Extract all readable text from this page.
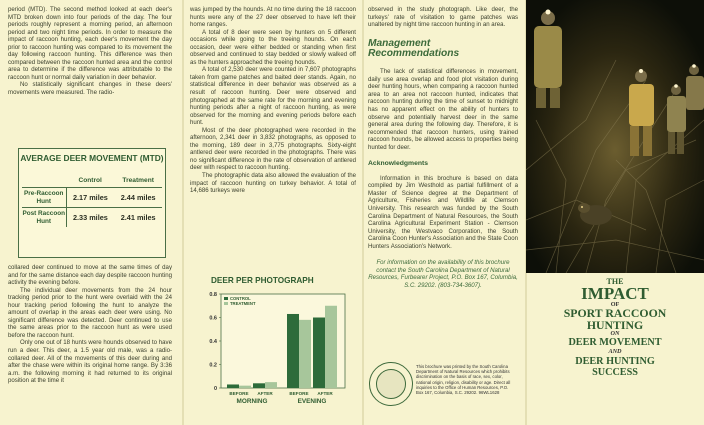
period (MTD). The second method looked at each deer's MTD broken down into four periods of the day. The four periods roughly represent a morning period, an afternoon period and two night time periods. In order to measure the impact of raccoon hunting, each deer's movement the day prior to raccoon hunting was compared to its movement the day following raccoon hunting. This difference was then compared between the raccoon hunted area and the control area to determine if the difference was attributable to the raccoon hunt or normal daily variation in deer behavior.

No statistically significant changes in these deers' movements were measured. The radio-

AVERAGE DEER MOVEMENT (MTD)
	Control	Treatment
Pre-Raccoon Hunt	2.17 miles	2.44 miles
Post Raccoon Hunt	2.33 miles	2.41 miles

collared deer continued to move at the same times of day and for the same distance each day despite raccoon hunting activity the evening before.

The individual deer movements from the 24 hour tracking period prior to the hunt were overlaid with the 24 hour tracking period following the hunt to analyze the amount of overlap in the areas each deer were using. No significant difference was detected. Deer continued to use the same areas prior to the raccoon hunt as were used before the raccoon hunt.

Only one out of 18 hunts were hounds observed to have run a deer. This deer, a 1.5 year old male, was a radio-collared deer. All of the movements of this deer during and after the chase were within its original home range. By 3:36 a.m. the following morning it had returned to its original position at the time it

was jumped by the hounds. At no time during the 18 raccoon hunts were any of the 27 deer observed to have left their home ranges.

A total of 8 deer were seen by hunters on 5 different occasions while going to the treeing hounds. On each occasion, deer were either bedded or standing when first observed and continued to stay bedded or slowly walked off as the hunters approached the treeing hounds.

A total of 2,530 deer were counted in 7,607 photographs taken from game patches and baited deer stands. Again, no statistical difference in deer behavior was observed as a result of raccoon hunting. Deer were observed and photographed at the same rate for the morning and evening hunting periods after a night of raccoon hunting, as were observed for the morning and evening periods before each hunt.

Most of the deer photographed were recorded in the afternoon, 2,341 deer in 3,832 photographs, as opposed to the morning, 189 deer in 3,775 photographs. Sixty-eight antlered deer were recorded in the photographs. There was no significant difference in the rate of observation of antlered deer with respect to raccoon hunting.

The photographic data also allowed the evaluation of the impact of raccoon hunting on turkey behavior. A total of 14,686 turkeys were

DEER PER PHOTOGRAPH
0.8
0.6
0.4
0.2
0
CONTROL
TREATMENT
BEFORE AFTER	BEFORE AFTER
MORNING	EVENING

observed in the study photograph. Like deer, the turkeys' rate of visitation to game patches was unaltered by night time raccoon hunting in an area.

Management Recommendations

The lack of statistical differences in movement, daily use area overlap and food plot visitation during deer hunting hours, when comparing a raccoon hunted area to an area not raccoon hunted, indicates that raccoon hunting during the time of sunset to midnight has no apparent effect on the ability of hunters to observe and potentially harvest deer in the same general area during the following day. Therefore, it is recommended that raccoon hunters, using trained raccoon hounds, be allowed access to properties being hunted for deer.

Acknowledgments

Information in this brochure is based on data compiled by Jim Westhold as partial fulfillment of a Master of Science degree at the Department of Agriculture, Fisheries and Wildlife at Clemson University. This research was funded by the South Carolina Department of Natural Resources, the South Carolina Agricultural Experiment Station - Clemson University, the Westvaco Corporation, the South Carolina Coon Hunter's Association and the State Coon Hunters Association's Network.

For information on the availability of this brochure contact the South Carolina Department of Natural Resources, Furbearer Project, P.O. Box 167, Columbia, S.C. 29202. (803-734-3607).

This brochure was printed by the South Carolina Department of Natural Resources which prohibits discrimination on the basis of race, sex, color, national origin, religion, disability or age. Direct all inquiries to the Office of Human Resources, P.O. Box 167, Columbia, S.C. 29202. 96WL1628
THE
IMPACT
OF
SPORT RACCOON
HUNTING
ON
DEER MOVEMENT
AND
DEER HUNTING
SUCCESS
